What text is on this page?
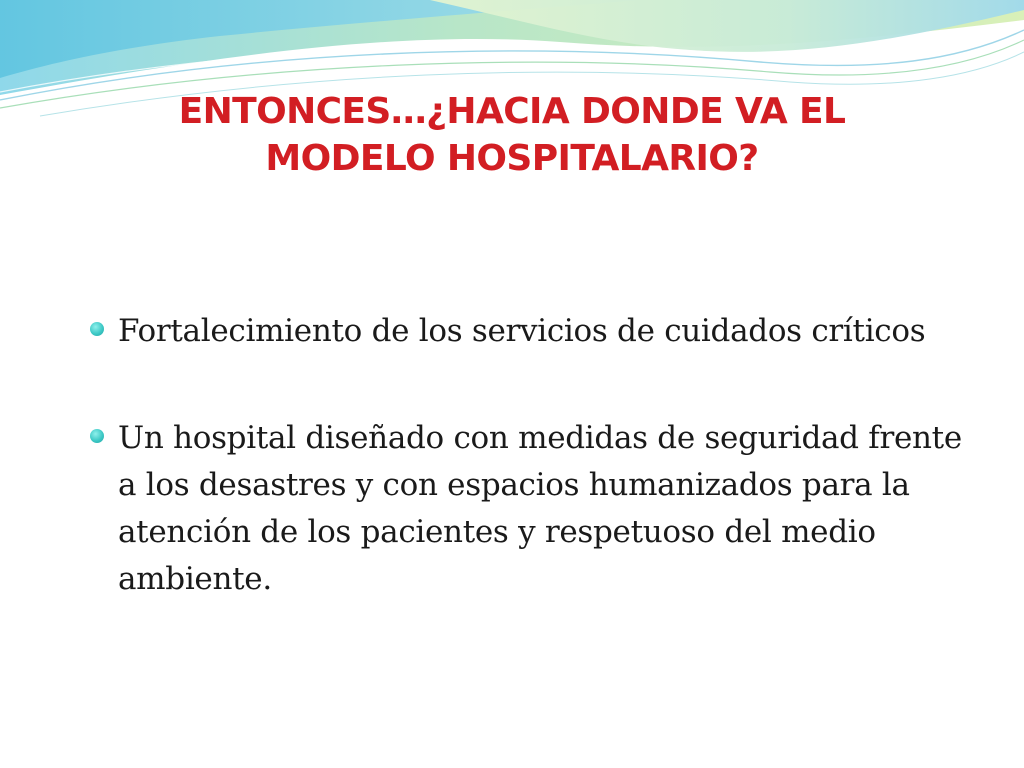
ENTONCES…¿HACIA DONDE VA EL
MODELO HOSPITALARIO?
Fortalecimiento de los servicios de cuidados críticos
Un hospital diseñado con medidas de seguridad frente a los desastres y con espacios humanizados para la atención de los pacientes y respetuoso del medio ambiente.
